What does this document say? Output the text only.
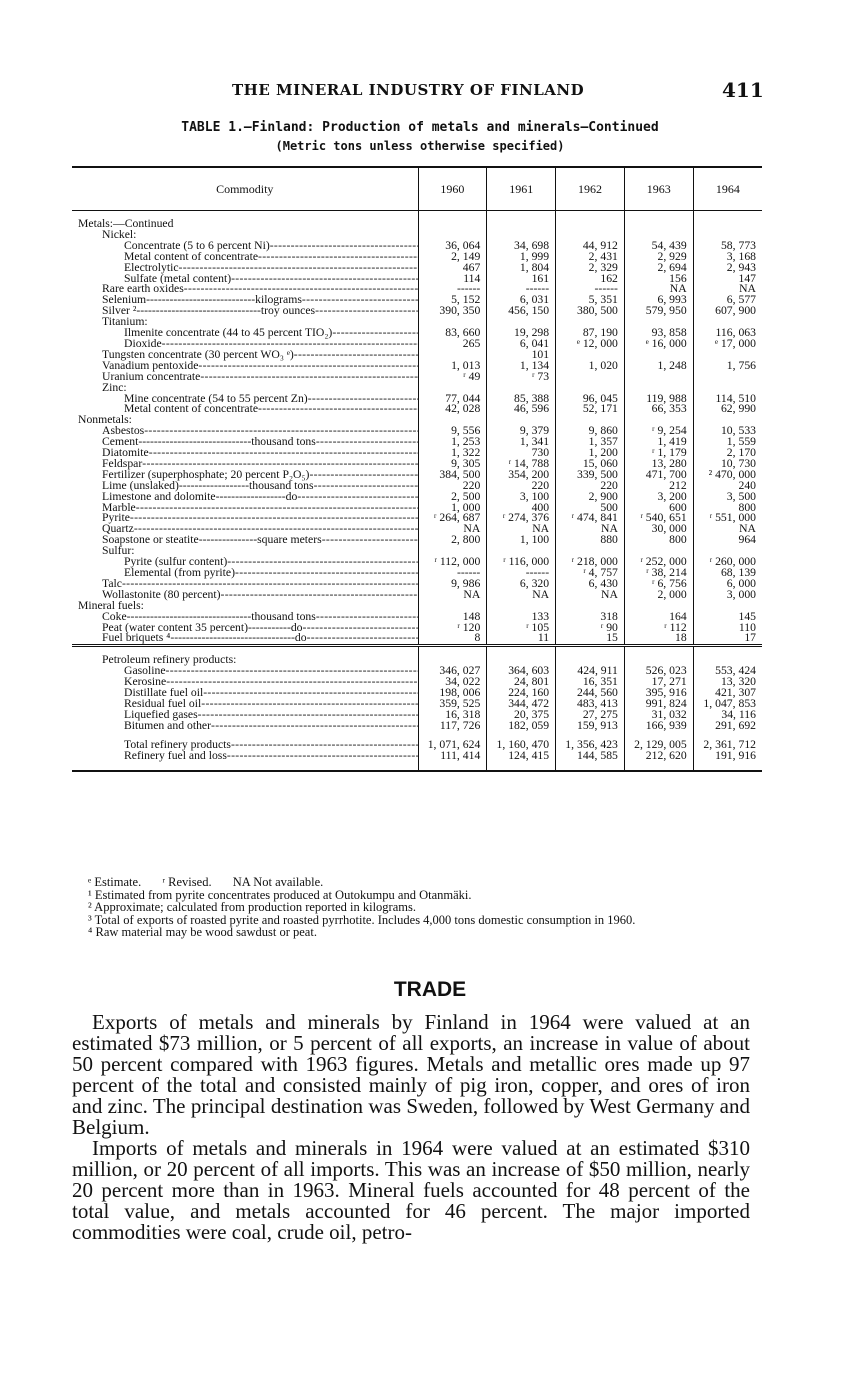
THE MINERAL INDUSTRY OF FINLAND	411
TABLE 1.—Finland: Production of metals and minerals—Continued
(Metric tons unless otherwise specified)
Commodity	1960	1961	1962	1963	1964

Metals:—Continued					
Nickel:					
Concentrate (5 to 6 percent Ni) -----	36, 064	34, 698	44, 912	54, 439	58, 773
Metal content of concentrate -----	2, 149	1, 999	2, 431	2, 929	3, 168
Electrolytic -----	467	1, 804	2, 329	2, 694	2, 943
Sulfate (metal content) -----	114	161	162	156	147
Rare earth oxides -----	------	------	------	NA	NA
Selenium----------------------------kilograms -----	5, 152	6, 031	5, 351	6, 993	6, 577
Silver ²--------------------------------troy ounces -----	390, 350	456, 150	380, 500	579, 950	607, 900
Titanium:					
Ilmenite concentrate (44 to 45 percent TIO₂) -----	83, 660	19, 298	87, 190	93, 858	116, 063
Dioxide -----	265	6, 041	ᵉ 12, 000	ᵉ 16, 000	ᵉ 17, 000
Tungsten concentrate (30 percent WO₃ ᵉ) -----		101			
Vanadium pentoxide -----	1, 013	1, 134	1, 020	1, 248	1, 756
Uranium concentrate -----	ʳ 49	ʳ 73			
Zinc:					
Mine concentrate (54 to 55 percent Zn) -----	77, 044	85, 388	96, 045	119, 988	114, 510
Metal content of concentrate -----	42, 028	46, 596	52, 171	66, 353	62, 990
Nonmetals:					
Asbestos -----	9, 556	9, 379	9, 860	ʳ 9, 254	10, 533
Cement-----------------------------thousand tons -----	1, 253	1, 341	1, 357	1, 419	1, 559
Diatomite -----	1, 322	730	1, 200	ʳ 1, 179	2, 170
Feldspar -----	9, 305	ʳ 14, 788	15, 060	13, 280	10, 730
Fertilizer (superphosphate; 20 percent P₂O₅) -----	384, 500	354, 200	339, 500	471, 700	² 470, 000
Lime (unslaked)------------------thousand tons -----	220	220	220	212	240
Limestone and dolomite------------------do -----	2, 500	3, 100	2, 900	3, 200	3, 500
Marble -----	1, 000	400	500	600	800
Pyrite -----	ʳ 264, 687	ʳ 274, 376	ʳ 474, 841	ʳ 540, 651	ʳ 551, 000
Quartz -----	NA	NA	NA	30, 000	NA
Soapstone or steatite---------------square meters -----	2, 800	1, 100	880	800	964
Sulfur:					
Pyrite (sulfur content) -----	ʳ 112, 000	ʳ 116, 000	ʳ 218, 000	ʳ 252, 000	ʳ 260, 000
Elemental (from pyrite) -----	------	------	ʳ 4, 757	ʳ 38, 214	68, 139
Talc -----	9, 986	6, 320	6, 430	ʳ 6, 756	6, 000
Wollastonite (80 percent) -----	NA	NA	NA	2, 000	3, 000
Mineral fuels:					
Coke--------------------------------thousand tons -----	148	133	318	164	145
Peat (water content 35 percent)-----------do -----	ʳ 120	ʳ 105	ʳ 90	ʳ 112	110
Fuel briquets ⁴--------------------------------do -----	8	11	15	18	17

Petroleum refinery products:					
Gasoline -----	346, 027	364, 603	424, 911	526, 023	553, 424
Kerosine -----	34, 022	24, 801	16, 351	17, 271	13, 320
Distillate fuel oil -----	198, 006	224, 160	244, 560	395, 916	421, 307
Residual fuel oil -----	359, 525	344, 472	483, 413	991, 824	1, 047, 853
Liquefied gases -----	16, 318	20, 375	27, 275	31, 032	34, 116
Bitumen and other -----	117, 726	182, 059	159, 913	166, 939	291, 692

Total refinery products -----	1, 071, 624	1, 160, 470	1, 356, 423	2, 129, 005	2, 361, 712
Refinery fuel and loss -----	111, 414	124, 415	144, 585	212, 620	191, 916

ᵉ Estimate. ʳ Revised. NA Not available.

¹ Estimated from pyrite concentrates produced at Outokumpu and Otanmäki.

² Approximate; calculated from production reported in kilograms.

³ Total of exports of roasted pyrite and roasted pyrrhotite. Includes 4,000 tons domestic consumption in 1960.

⁴ Raw material may be wood sawdust or peat.

TRADE

Exports of metals and minerals by Finland in 1964 were valued at an estimated $73 million, or 5 percent of all exports, an increase in value of about 50 percent compared with 1963 figures. Metals and metallic ores made up 97 percent of the total and consisted mainly of pig iron, copper, and ores of iron and zinc. The principal destination was Sweden, followed by West Germany and Belgium.

Imports of metals and minerals in 1964 were valued at an estimated $310 million, or 20 percent of all imports. This was an increase of $50 million, nearly 20 percent more than in 1963. Mineral fuels accounted for 48 percent of the total value, and metals accounted for 46 percent. The major imported commodities were coal, crude oil, petro-
